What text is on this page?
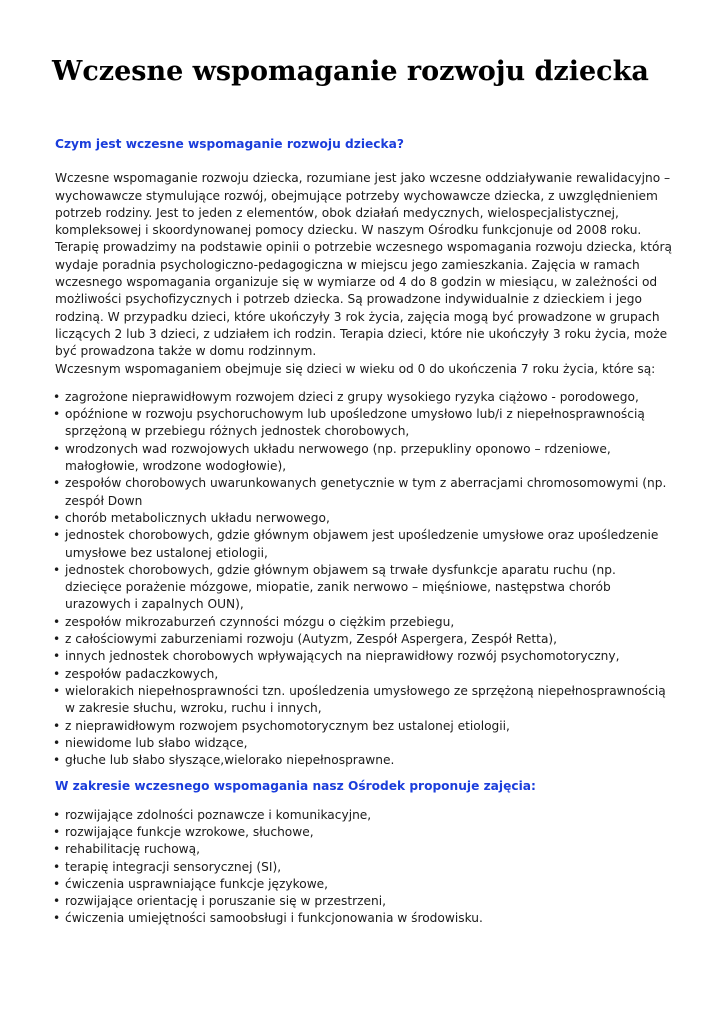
Wczesne wspomaganie rozwoju dziecka
Czym jest wczesne wspomaganie rozwoju dziecka?

Wczesne wspomaganie rozwoju dziecka, rozumiane jest jako wczesne oddziaływanie rewalidacyjno – wychowawcze stymulujące rozwój, obejmujące potrzeby wychowawcze dziecka, z uwzględnieniem potrzeb rodziny. Jest to jeden z elementów, obok działań medycznych, wielospecjalistycznej, kompleksowej i skoordynowanej pomocy dziecku. W naszym Ośrodku funkcjonuje od 2008 roku. Terapię prowadzimy na podstawie opinii o potrzebie wczesnego wspomagania rozwoju dziecka, którą wydaje poradnia psychologiczno-pedagogiczna w miejscu jego zamieszkania. Zajęcia w ramach wczesnego wspomagania organizuje się w wymiarze od 4 do 8 godzin w miesiącu, w zależności od możliwości psychofizycznych i potrzeb dziecka. Są prowadzone indywidualnie z dzieckiem i jego rodziną. W przypadku dzieci, które ukończyły 3 rok życia, zajęcia mogą być prowadzone w grupach liczących 2 lub 3 dzieci, z udziałem ich rodzin. Terapia dzieci, które nie ukończyły 3 roku życia, może być prowadzona także w domu rodzinnym.

Wczesnym wspomaganiem obejmuje się dzieci w wieku od 0 do ukończenia 7 roku życia, które są:

• zagrożone nieprawidłowym rozwojem dzieci z grupy wysokiego ryzyka ciążowo - porodowego,
• opóźnione w rozwoju psychoruchowym lub upośledzone umysłowo lub/i z niepełnosprawnością sprzężoną w przebiegu różnych jednostek chorobowych,
• wrodzonych wad rozwojowych układu nerwowego (np. przepukliny oponowo – rdzeniowe, małogłowie, wrodzone wodogłowie),
• zespołów chorobowych uwarunkowanych genetycznie w tym z aberracjami chromosomowymi (np. zespół Down
• chorób metabolicznych układu nerwowego,
• jednostek chorobowych, gdzie głównym objawem jest upośledzenie umysłowe oraz upośledzenie umysłowe bez ustalonej etiologii,
• jednostek chorobowych, gdzie głównym objawem są trwałe dysfunkcje aparatu ruchu (np. dziecięce porażenie mózgowe, miopatie, zanik nerwowo – mięśniowe, następstwa chorób urazowych i zapalnych OUN),
• zespołów mikrozaburzeń czynności mózgu o ciężkim przebiegu,
• z całościowymi zaburzeniami rozwoju (Autyzm, Zespół Aspergera, Zespół Retta),
• innych jednostek chorobowych wpływających na nieprawidłowy rozwój psychomotoryczny,
• zespołów padaczkowych,
• wielorakich niepełnosprawności tzn. upośledzenia umysłowego ze sprzężoną niepełnosprawnością w zakresie słuchu, wzroku, ruchu i innych,
• z nieprawidłowym rozwojem psychomotorycznym bez ustalonej etiologii,
• niewidome lub słabo widzące,
• głuche lub słabo słyszące,wielorako niepełnosprawne.
W zakresie wczesnego wspomagania nasz Ośrodek proponuje zajęcia:
• rozwijające zdolności poznawcze i komunikacyjne,
• rozwijające funkcje wzrokowe, słuchowe,
• rehabilitację ruchową,
• terapię integracji sensorycznej (SI),
• ćwiczenia usprawniające funkcje językowe,
• rozwijające orientację i poruszanie się w przestrzeni,
• ćwiczenia umiejętności samoobsługi i funkcjonowania w środowisku.
